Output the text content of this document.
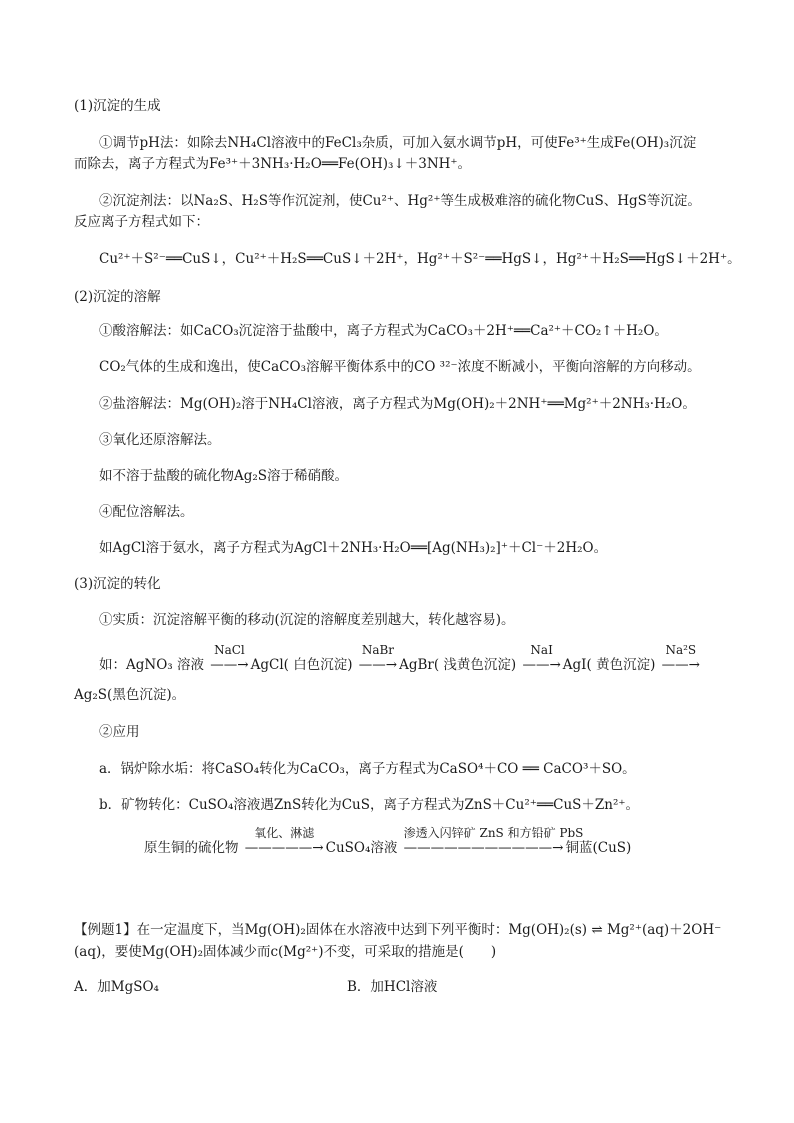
(1)沉淀的生成
①调节pH法：如除去NH₄Cl溶液中的FeCl₃杂质，可加入氨水调节pH，可使Fe³⁺生成Fe(OH)₃沉淀
而除去，离子方程式为Fe³⁺＋3NH₃·H₂O══Fe(OH)₃↓＋3NH⁺。
②沉淀剂法：以Na₂S、H₂S等作沉淀剂，使Cu²⁺、Hg²⁺等生成极难溶的硫化物CuS、HgS等沉淀。
反应离子方程式如下：
Cu²⁺＋S²⁻══CuS↓，Cu²⁺＋H₂S══CuS↓＋2H⁺，Hg²⁺＋S²⁻══HgS↓，Hg²⁺＋H₂S══HgS↓＋2H⁺。
(2)沉淀的溶解
①酸溶解法：如CaCO₃沉淀溶于盐酸中，离子方程式为CaCO₃＋2H⁺══Ca²⁺＋CO₂↑＋H₂O。
CO₂气体的生成和逸出，使CaCO₃溶解平衡体系中的CO ³²⁻浓度不断减小，平衡向溶解的方向移动。
②盐溶解法：Mg(OH)₂溶于NH₄Cl溶液，离子方程式为Mg(OH)₂＋2NH⁺══Mg²⁺＋2NH₃·H₂O。
③氧化还原溶解法。
如不溶于盐酸的硫化物Ag₂S溶于稀硝酸。
④配位溶解法。
如AgCl溶于氨水，离子方程式为AgCl＋2NH₃·H₂O══[Ag(NH₃)₂]⁺＋Cl⁻＋2H₂O。
(3)沉淀的转化
①实质：沉淀溶解平衡的移动(沉淀的溶解度差别越大，转化越容易)。
如：AgNO₃ 溶液
NaCl
——→ AgCl( 白色沉淀)
NaBr
——→ AgBr( 浅黄色沉淀)
NaI
——→ AgI( 黄色沉淀)
Na²S
——→
Ag₂S(黑色沉淀)。
②应用
a．锅炉除水垢：将CaSO₄转化为CaCO₃，离子方程式为CaSO⁴＋CO ══ CaCO³＋SO。
b．矿物转化：CuSO₄溶液遇ZnS转化为CuS，离子方程式为ZnS＋Cu²⁺══CuS＋Zn²⁺。
原生铜的硫化物
氧化、淋滤
—————→ CuSO₄溶液
渗透入闪锌矿 ZnS 和方铅矿 PbS
———————————→ 铜蓝(CuS)
【例题1】在一定温度下，当Mg(OH)₂固体在水溶液中达到下列平衡时：Mg(OH)₂(s) ⇌ Mg²⁺(aq)＋2OH⁻
(aq)，要使Mg(OH)₂固体减少而c(Mg²⁺)不变，可采取的措施是(　　)
A．加MgSO₄	B．加HCl溶液
